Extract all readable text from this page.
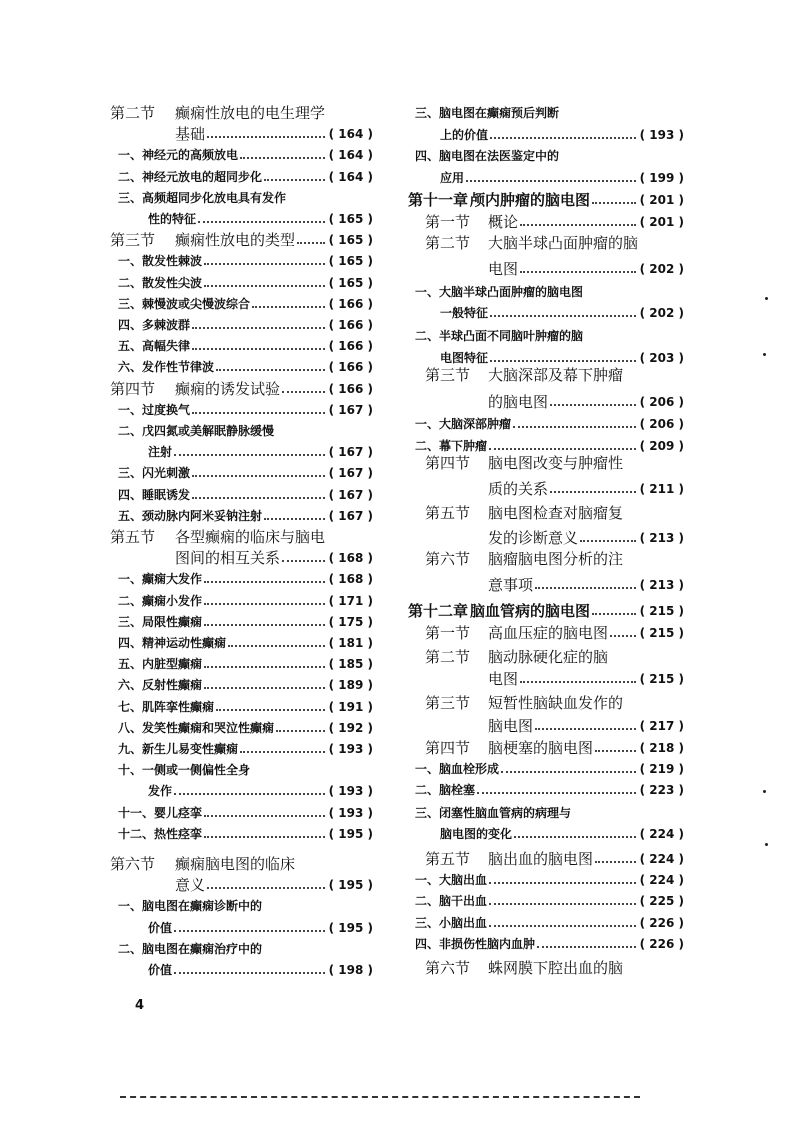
第二节	癫痫性放电的电生理学
基础	( 164 )
一、神经元的高频放电	( 164 )
二、神经元放电的超同步化	( 164 )
三、高频超同步化放电具有发作
性的特征	( 165 )
第三节	癫痫性放电的类型	( 165 )
一、散发性棘波	( 165 )
二、散发性尖波	( 165 )
三、棘慢波或尖慢波综合	( 166 )
四、多棘波群	( 166 )
五、高幅失律	( 166 )
六、发作性节律波	( 166 )
第四节	癫痫的诱发试验	( 166 )
一、过度换气	( 167 )
二、戊四氮或美解眠静脉缓慢
注射	( 167 )
三、闪光刺激	( 167 )
四、睡眠诱发	( 167 )
五、颈动脉内阿米妥钠注射	( 167 )
第五节	各型癫痫的临床与脑电
图间的相互关系	( 168 )
一、癫痫大发作	( 168 )
二、癫痫小发作	( 171 )
三、局限性癫痫	( 175 )
四、精神运动性癫痫	( 181 )
五、内脏型癫痫	( 185 )
六、反射性癫痫	( 189 )
七、肌阵挛性癫痫	( 191 )
八、发笑性癫痫和哭泣性癫痫	( 192 )
九、新生儿易变性癫痫	( 193 )
十、一侧或一侧偏性全身
发作	( 193 )
十一、婴儿痉挛	( 193 )
十二、热性痉挛	( 195 )
第六节	癫痫脑电图的临床
意义	( 195 )
一、脑电图在癫痫诊断中的
价值	( 195 )
二、脑电图在癫痫治疗中的
价值	( 198 )
三、脑电图在癫痫预后判断
上的价值	( 193 )
四、脑电图在法医鉴定中的
应用	( 199 )
第十一章 颅内肿瘤的脑电图	( 201 )
第一节	概论	( 201 )
第二节	大脑半球凸面肿瘤的脑
电图	( 202 )
一、大脑半球凸面肿瘤的脑电图
一般特征	( 202 )
二、半球凸面不同脑叶肿瘤的脑
电图特征	( 203 )
第三节	大脑深部及幕下肿瘤
的脑电图	( 206 )
一、大脑深部肿瘤	( 206 )
二、幕下肿瘤	( 209 )
第四节	脑电图改变与肿瘤性
质的关系	( 211 )
第五节	脑电图检查对脑瘤复
发的诊断意义	( 213 )
第六节	脑瘤脑电图分析的注
意事项	( 213 )
第十二章 脑血管病的脑电图	( 215 )
第一节	高血压症的脑电图	( 215 )
第二节	脑动脉硬化症的脑
电图	( 215 )
第三节	短暂性脑缺血发作的
脑电图	( 217 )
第四节	脑梗塞的脑电图	( 218 )
一、脑血栓形成	( 219 )
二、脑栓塞	( 223 )
三、闭塞性脑血管病的病理与
脑电图的变化	( 224 )
第五节	脑出血的脑电图	( 224 )
一、大脑出血	( 224 )
二、脑干出血	( 225 )
三、小脑出血	( 226 )
四、非损伤性脑内血肿	( 226 )
第六节	蛛网膜下腔出血的脑
4
